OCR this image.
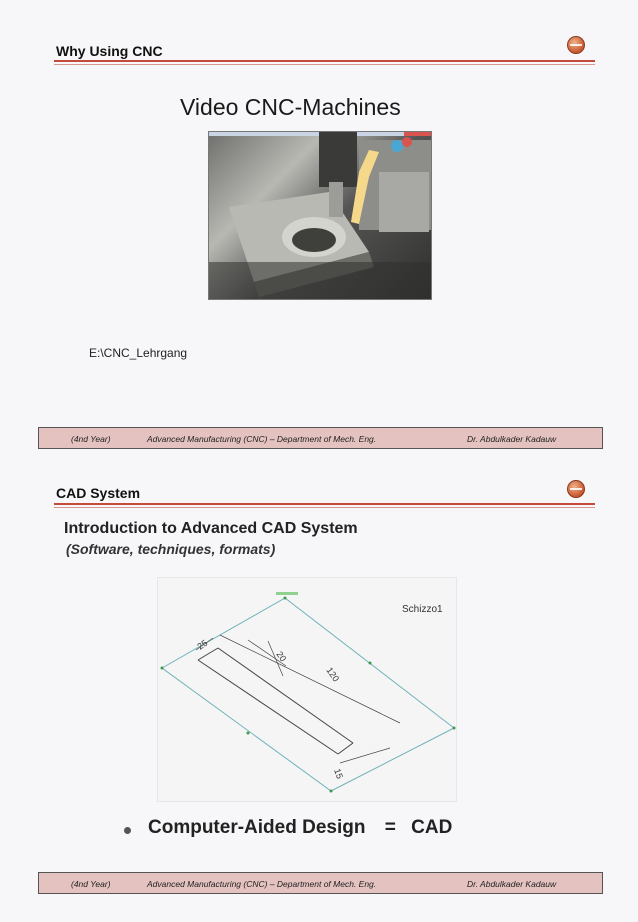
Why Using CNC
Video CNC-Machines
E:\CNC_Lehrgang
(4nd Year)	Advanced Manufacturing (CNC) – Department of Mech. Eng.	Dr. Abdulkader Kadauw
CAD System
Introduction to Advanced CAD System
(Software, techniques, formats)
25
20
120
15
Schizzo1
Computer-Aided Design = CAD
(4nd Year)	Advanced Manufacturing (CNC) – Department of Mech. Eng.	Dr. Abdulkader Kadauw
